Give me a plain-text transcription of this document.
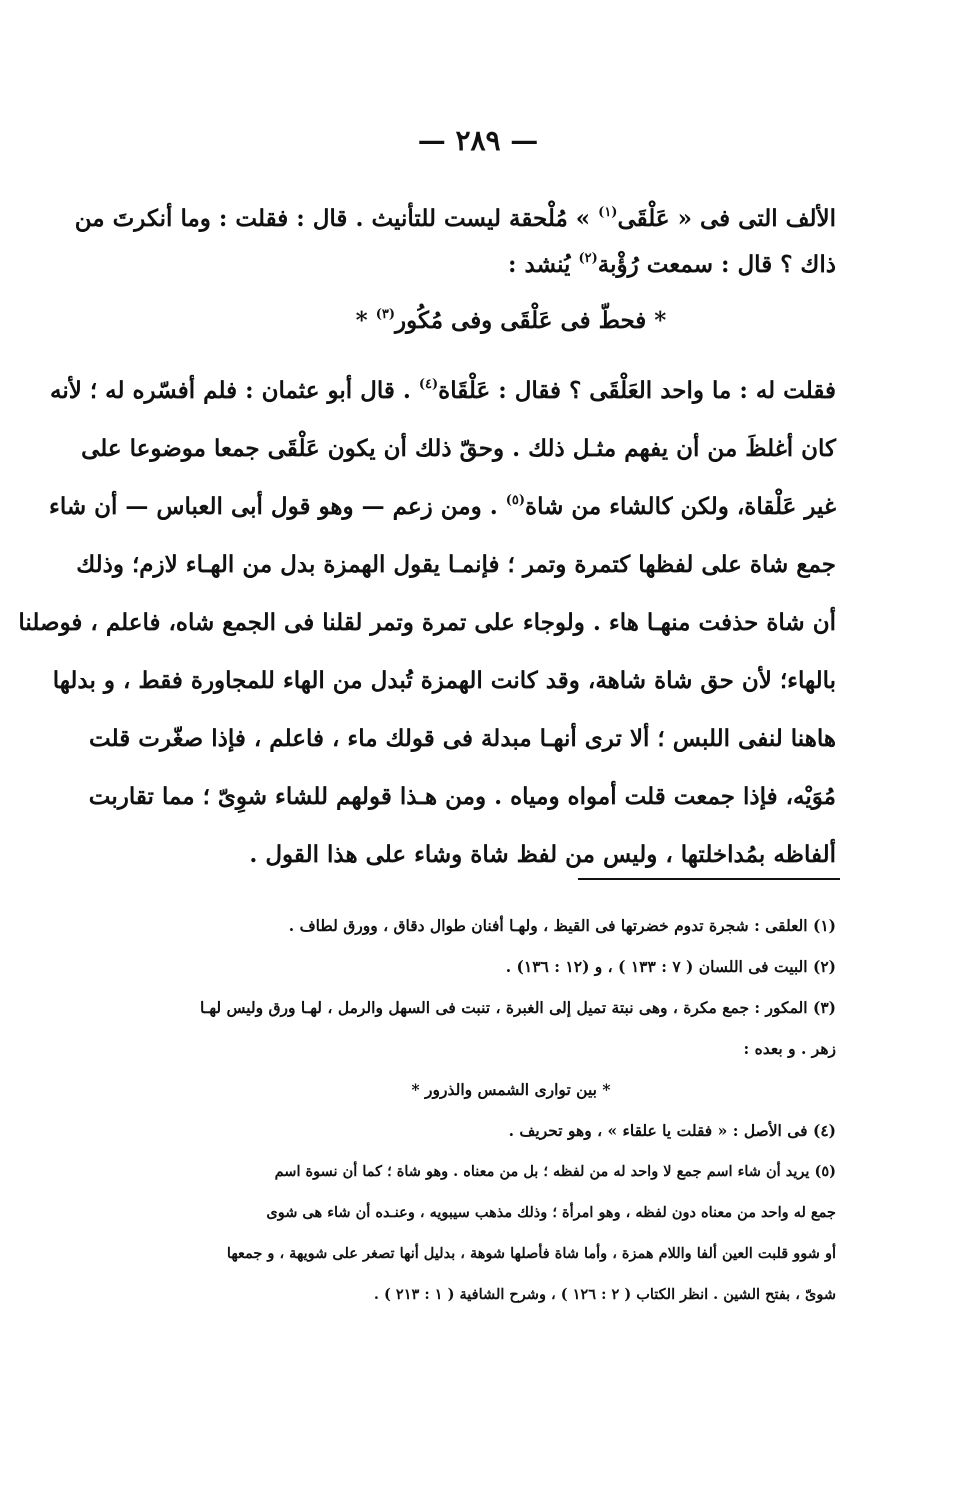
— ٢٨٩ —
الألف التى فى « عَلْقَى$^{(١)}$ » مُلْحقة ليست للتأنيث . قال : فقلت : وما أنكرتَ من
ذاك ؟ قال : سمعت رُؤْبة$^{(٢)}$ يُنشد :
* فحطّ فى عَلْقَى وفى مُكُور$^{(٣)}$ *
فقلت له : ما واحد العَلْقَى ؟ فقال : عَلْقَاة$^{(٤)}$ . قال أبو عثمان : فلم أفسّره له ؛ لأنه
كان أغلظَ من أن يفهم مثـل ذلك . وحقّ ذلك أن يكون عَلْقَى جمعا موضوعا على
غير عَلْقاة، ولكن كالشاء من شاة$^{(٥)}$ . ومن زعم — وهو قول أبى العباس — أن شاء
جمع شاة على لفظها كتمرة وتمر ؛ فإنمـا يقول الهمزة بدل من الهـاء لازم؛ وذلك
أن شاة حذفت منهـا هاء . ولوجاء على تمرة وتمر لقلنا فى الجمع شاه، فاعلم ، فوصلنا
بالهاء؛ لأن حق شاة شاهة، وقد كانت الهمزة تُبدل من الهاء للمجاورة فقط ، و بدلها
هاهنا لنفى اللبس ؛ ألا ترى أنهـا مبدلة فى قولك ماء ، فاعلم ، فإذا صغّرت قلت
مُوَيْه، فإذا جمعت قلت أمواه ومياه . ومن هـذا قولهم للشاء شوِىّ ؛ مما تقاربت
ألفاظه بمُداخلتها ، وليس من لفظ شاة وشاء على هذا القول .
(١) العلقى : شجرة تدوم خضرتها فى القيظ ، ولهـا أفنان طوال دقاق ، وورق لطاف .
(٢) البيت فى اللسان ( ٧ : ١٣٣ ) ، و (١٢ : ١٣٦) .
(٣) المكور : جمع مكرة ، وهى نبتة تميل إلى الغبرة ، تنبت فى السهل والرمل ، لهـا ورق وليس لهـا
زهر . و بعده :
* بين توارى الشمس والذرور *
(٤) فى الأصل : « فقلت يا علقاء » ، وهو تحريف .
(٥) يريد أن شاء اسم جمع لا واحد له من لفظه ؛ بل من معناه . وهو شاة ؛ كما أن نسوة اسم
جمع له واحد من معناه دون لفظه ، وهو امرأة ؛ وذلك مذهب سيبويه ، وعنـده أن شاء هى شوى
أو شوو قلبت العين ألفا واللام همزة ، وأما شاة فأصلها شوهة ، بدليل أنها تصغر على شويهة ، و جمعها
شوىّ ، بفتح الشين . انظر الكتاب ( ٢ : ١٢٦ ) ، وشرح الشافية ( ١ : ٢١٣ ) .
